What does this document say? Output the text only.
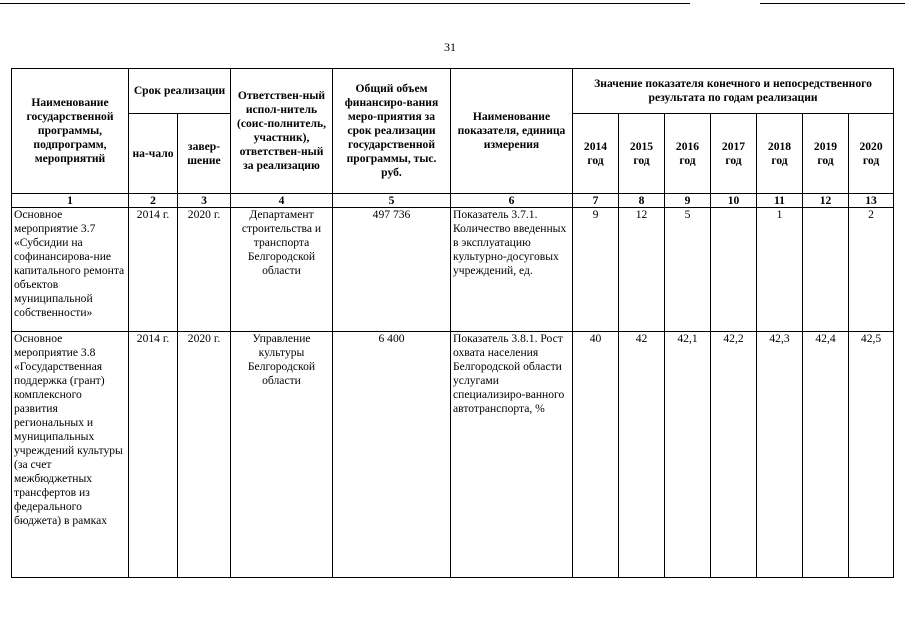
31
Наименование государственной программы, подпрограмм, мероприятий	Срок реализации		Ответствен-ный испол-нитель (соис-полнитель, участник), ответствен-ный за реализацию	Общий объем финансиро-вания меро-приятия за срок реализации государственной программы, тыс. руб.	Наименование показателя, единица измерения	Значение показателя конечного и непосредственного результата по годам реализации						
	на-чало	завер-шение				2014 год	2015 год	2016 год	2017 год	2018 год	2019 год	2020 год
1	2	3	4	5	6	7	8	9	10	11	12	13
Основное мероприятие 3.7 «Субсидии на софинансирова-ние капитального ремонта объектов муниципальной собственности»	2014 г.	2020 г.	Департамент строительства и транспорта Белгородской области	497 736	Показатель 3.7.1. Количество введенных в эксплуатацию культурно-досуговых учреждений, ед.	9	12	5		1		2
Основное мероприятие 3.8 «Государственная поддержка (грант) комплексного развития региональных и муниципальных учреждений культуры (за счет межбюджетных трансфертов из федерального бюджета) в рамках	2014 г.	2020 г.	Управление культуры Белгородской области	6 400	Показатель 3.8.1. Рост охвата населения Белгородской области услугами специализиро-ванного автотранспорта, %	40	42	42,1	42,2	42,3	42,4	42,5
